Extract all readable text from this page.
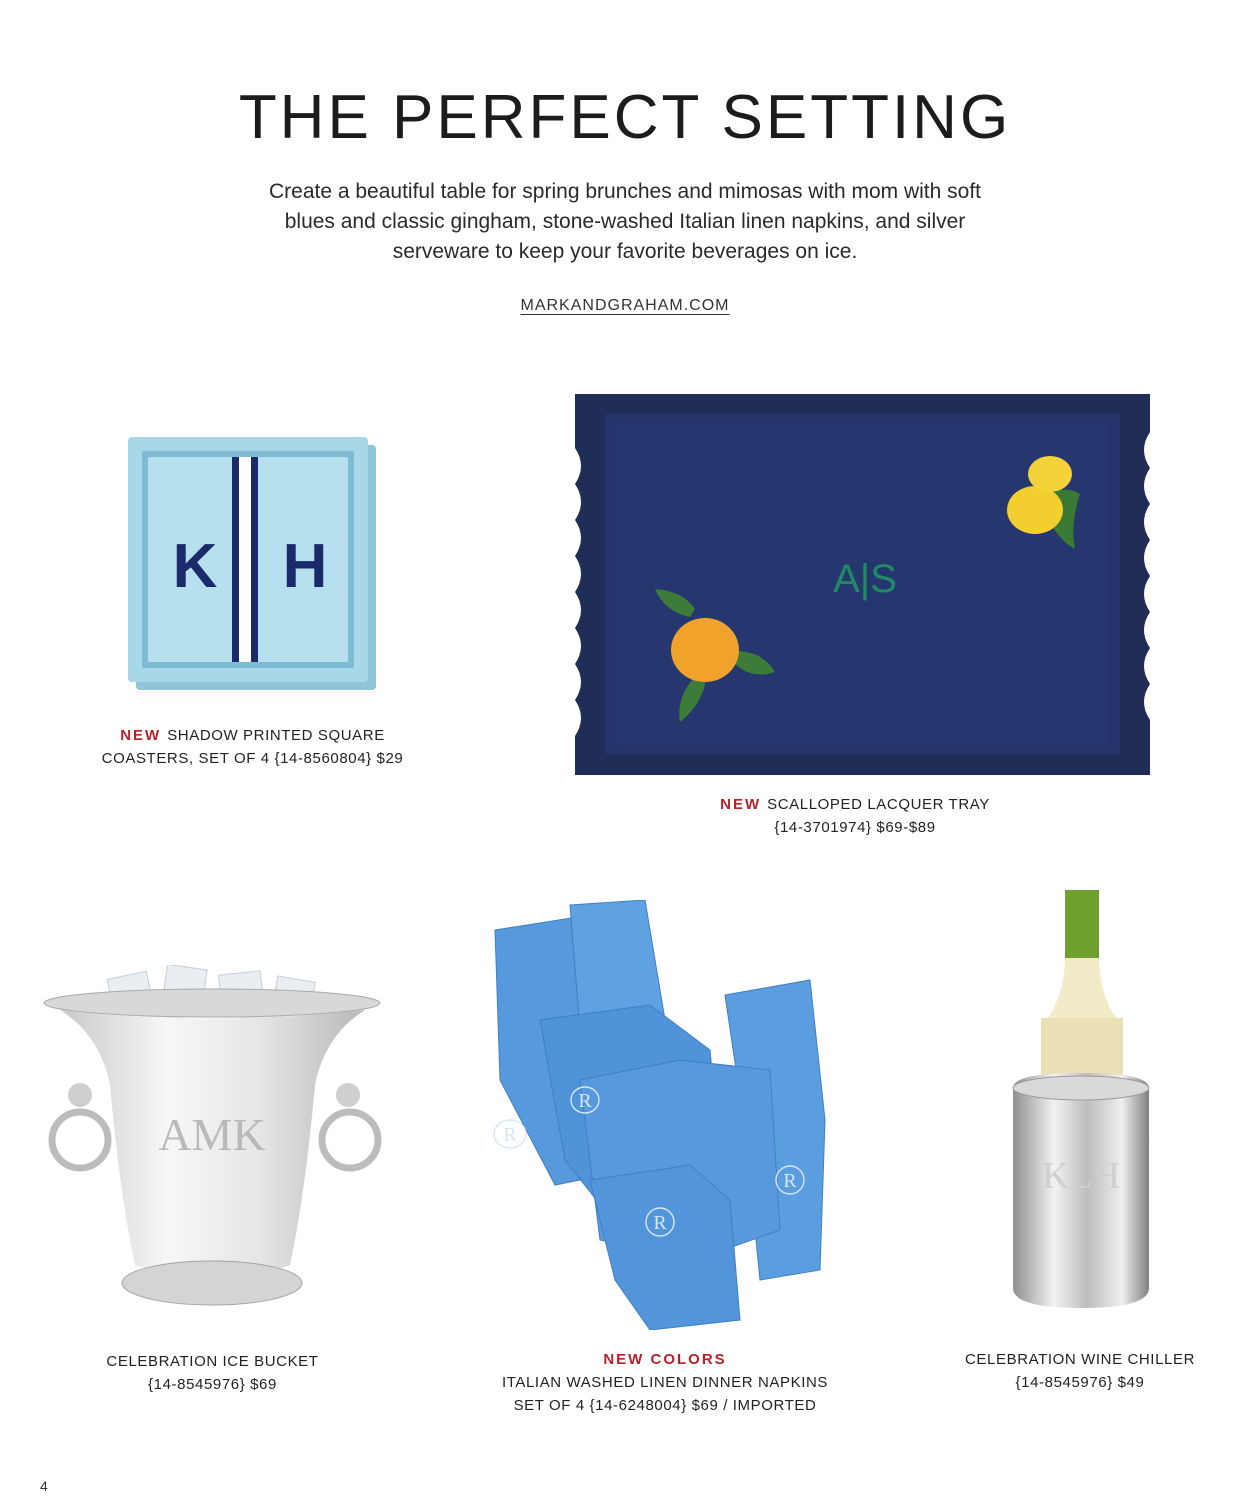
THE PERFECT SETTING
Create a beautiful table for spring brunches and mimosas with mom with soft
blues and classic gingham, stone-washed Italian linen napkins, and silver
serveware to keep your favorite beverages on ice.
MARKANDGRAHAM.COM
K H
NEW SHADOW PRINTED SQUARE
COASTERS, SET OF 4 {14-8560804} $29
A|S
NEW SCALLOPED LACQUER TRAY
{14-3701974} $69-$89
AMK
CELEBRATION ICE BUCKET
{14-8545976} $69
R
R
R
R
NEW COLORS
ITALIAN WASHED LINEN DINNER NAPKINS
SET OF 4 {14-6248004} $69 / IMPORTED
KLH
CELEBRATION WINE CHILLER
{14-8545976} $49
4
